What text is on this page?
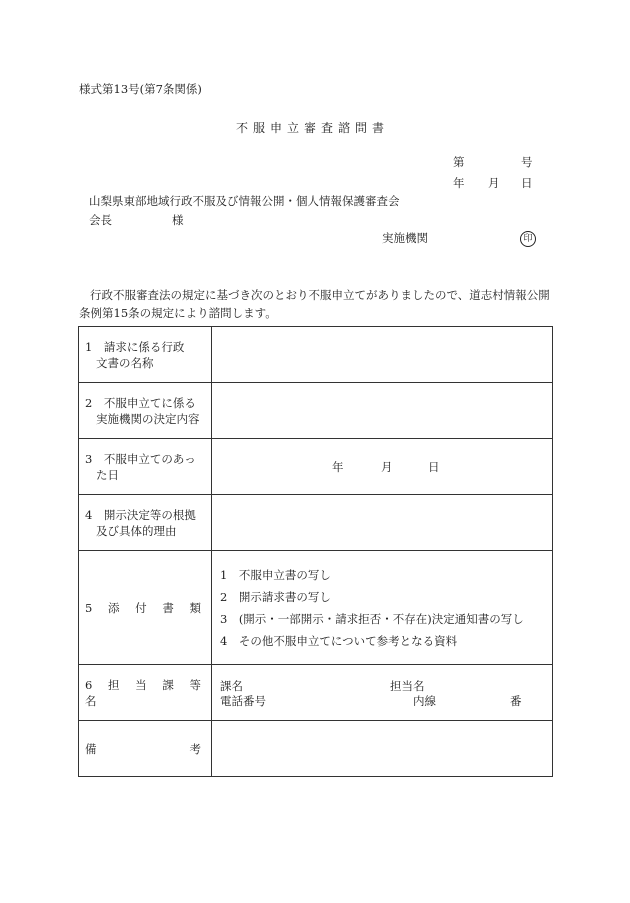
様式第13号(第7条関係)
不服申立審査諮問書
第	号
年 月 日
山梨県東部地域行政不服及び情報公開・個人情報保護審査会
会長	様
実施機関	印
行政不服審査法の規定に基づき次のとおり不服申立てがありましたので、道志村情報公開条例第15条の規定により諮問します。
1　請求に係る行政
文書の名称	

2　不服申立てに係る
実施機関の決定内容	

3　不服申立てのあっ
た日	年 月 日

4　開示決定等の根拠
及び具体的理由	

5　添　付　書　類	1　不服申立書の写し
2　開示請求書の写し
3　(開示・一部開示・請求拒否・不存在)決定通知書の写し
4　その他不服申立てについて参考となる資料

6　担　当　課　等　名	課名 担当名
電話番号 内線 番

備　　　　　　　考	
